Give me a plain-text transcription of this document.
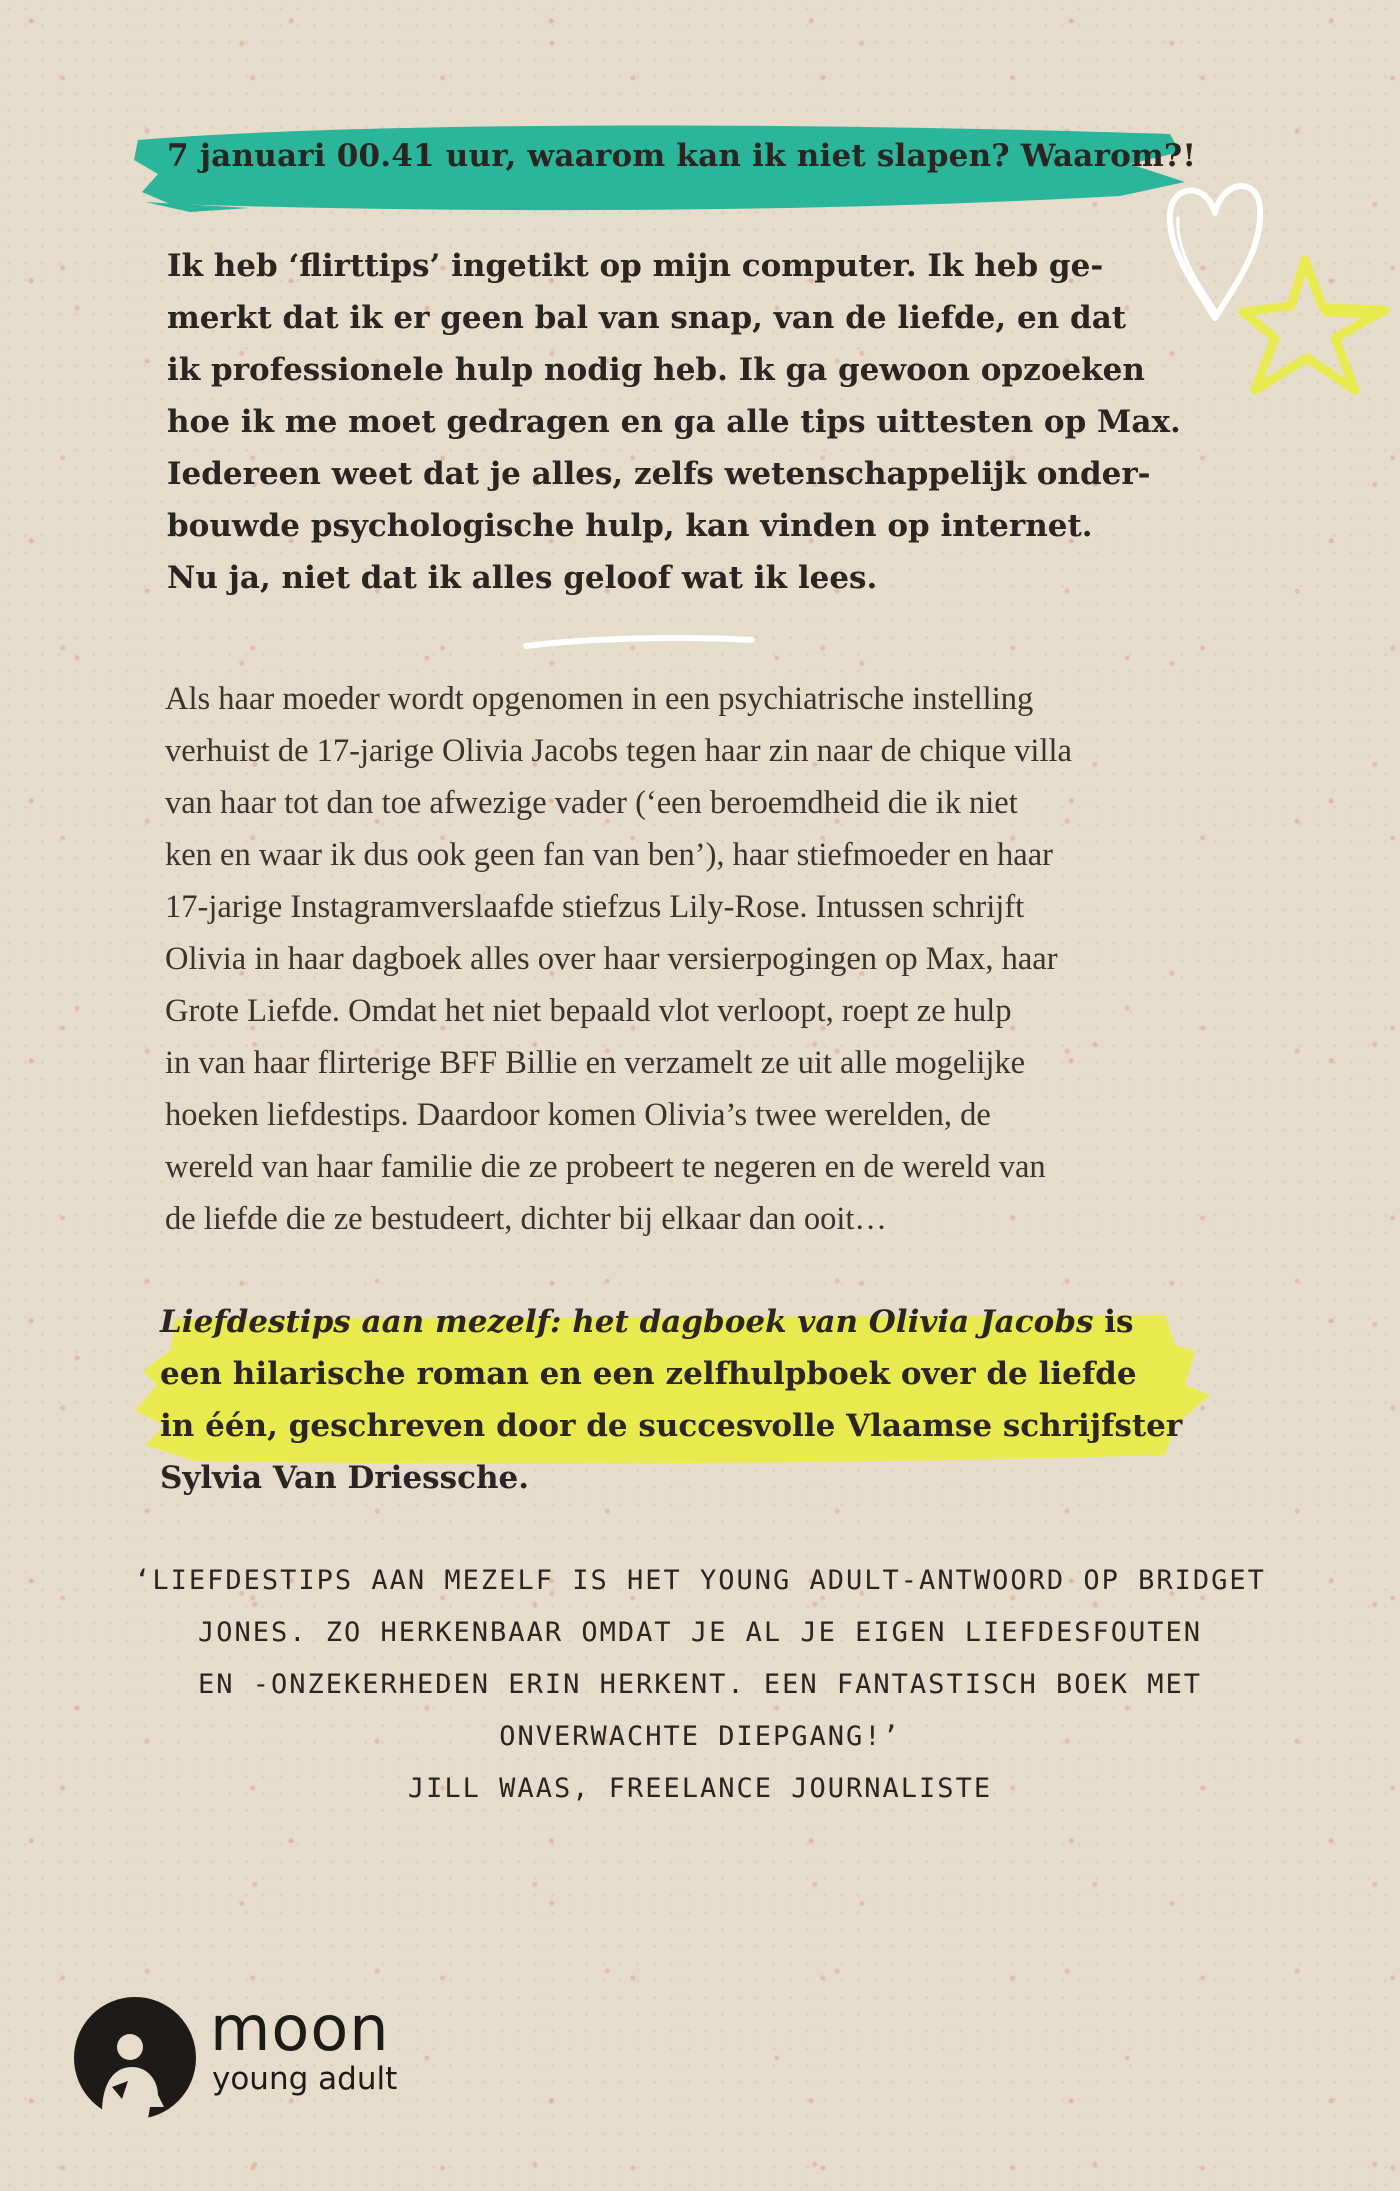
7 januari 00.41 uur, waarom kan ik niet slapen? Waarom?!
Ik heb ‘flirttips’ ingetikt op mijn computer. Ik heb ge-
merkt dat ik er geen bal van snap, van de liefde, en dat
ik professionele hulp nodig heb. Ik ga gewoon opzoeken
hoe ik me moet gedragen en ga alle tips uittesten op Max.
Iedereen weet dat je alles, zelfs wetenschappelijk onder-
bouwde psychologische hulp, kan vinden op internet.
Nu ja, niet dat ik alles geloof wat ik lees.
Als haar moeder wordt opgenomen in een psychiatrische instelling
verhuist de 17-jarige Olivia Jacobs tegen haar zin naar de chique villa
van haar tot dan toe afwezige vader (‘een beroemdheid die ik niet
ken en waar ik dus ook geen fan van ben’), haar stiefmoeder en haar
17-jarige Instagramverslaafde stiefzus Lily-Rose. Intussen schrijft
Olivia in haar dagboek alles over haar versierpogingen op Max, haar
Grote Liefde. Omdat het niet bepaald vlot verloopt, roept ze hulp
in van haar flirterige BFF Billie en verzamelt ze uit alle mogelijke
hoeken liefdestips. Daardoor komen Olivia’s twee werelden, de
wereld van haar familie die ze probeert te negeren en de wereld van
de liefde die ze bestudeert, dichter bij elkaar dan ooit…
Liefdestips aan mezelf: het dagboek van Olivia Jacobs is
een hilarische roman en een zelfhulpboek over de liefde
in één, geschreven door de succesvolle Vlaamse schrijfster
Sylvia Van Driessche.
‘LIEFDESTIPS AAN MEZELF IS HET YOUNG ADULT-ANTWOORD OP BRIDGET
JONES. ZO HERKENBAAR OMDAT JE AL JE EIGEN LIEFDESFOUTEN
EN -ONZEKERHEDEN ERIN HERKENT. EEN FANTASTISCH BOEK MET
ONVERWACHTE DIEPGANG!’
JILL WAAS, FREELANCE JOURNALISTE
moon
young adult
